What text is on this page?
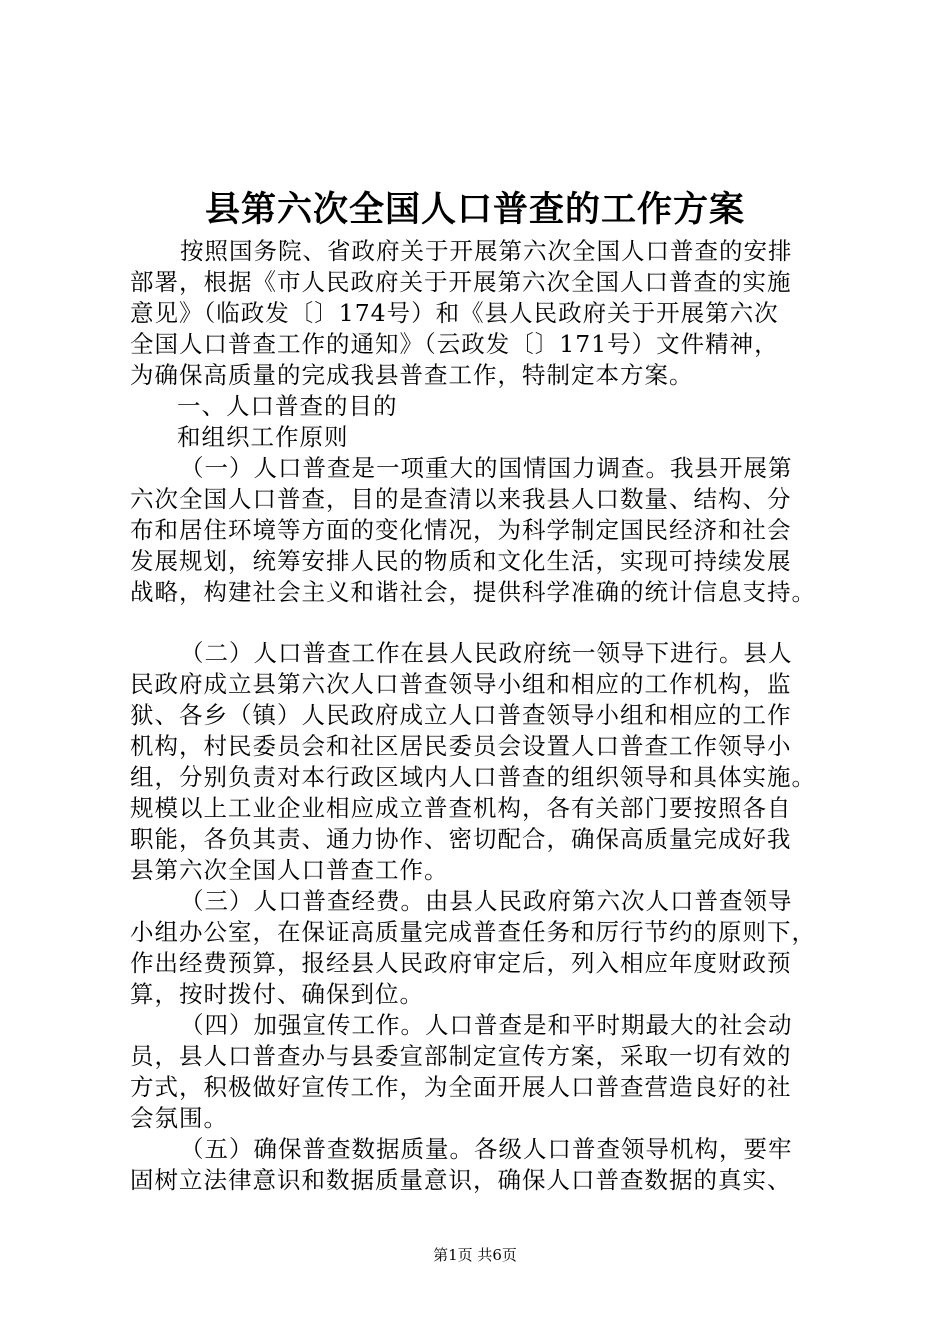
县第六次全国人口普查的工作方案
按照国务院、省政府关于开展第六次全国人口普查的安排
部署，根据《市人民政府关于开展第六次全国人口普查的实施
意见》（临政发〔〕174号）和《县人民政府关于开展第六次
全国人口普查工作的通知》（云政发〔〕171号）文件精神，
为确保高质量的完成我县普查工作，特制定本方案。
一、人口普查的目的
和组织工作原则
（一）人口普查是一项重大的国情国力调查。我县开展第
六次全国人口普查，目的是查清以来我县人口数量、结构、分
布和居住环境等方面的变化情况，为科学制定国民经济和社会
发展规划，统筹安排人民的物质和文化生活，实现可持续发展
战略，构建社会主义和谐社会，提供科学准确的统计信息支持。
（二）人口普查工作在县人民政府统一领导下进行。县人
民政府成立县第六次人口普查领导小组和相应的工作机构，监
狱、各乡（镇）人民政府成立人口普查领导小组和相应的工作
机构，村民委员会和社区居民委员会设置人口普查工作领导小
组，分别负责对本行政区域内人口普查的组织领导和具体实施。
规模以上工业企业相应成立普查机构，各有关部门要按照各自
职能，各负其责、通力协作、密切配合，确保高质量完成好我
县第六次全国人口普查工作。
（三）人口普查经费。由县人民政府第六次人口普查领导
小组办公室，在保证高质量完成普查任务和厉行节约的原则下，
作出经费预算，报经县人民政府审定后，列入相应年度财政预
算，按时拨付、确保到位。
（四）加强宣传工作。人口普查是和平时期最大的社会动
员，县人口普查办与县委宣部制定宣传方案，采取一切有效的
方式，积极做好宣传工作，为全面开展人口普查营造良好的社
会氛围。
（五）确保普查数据质量。各级人口普查领导机构，要牢
固树立法律意识和数据质量意识，确保人口普查数据的真实、
第1页 共6页
